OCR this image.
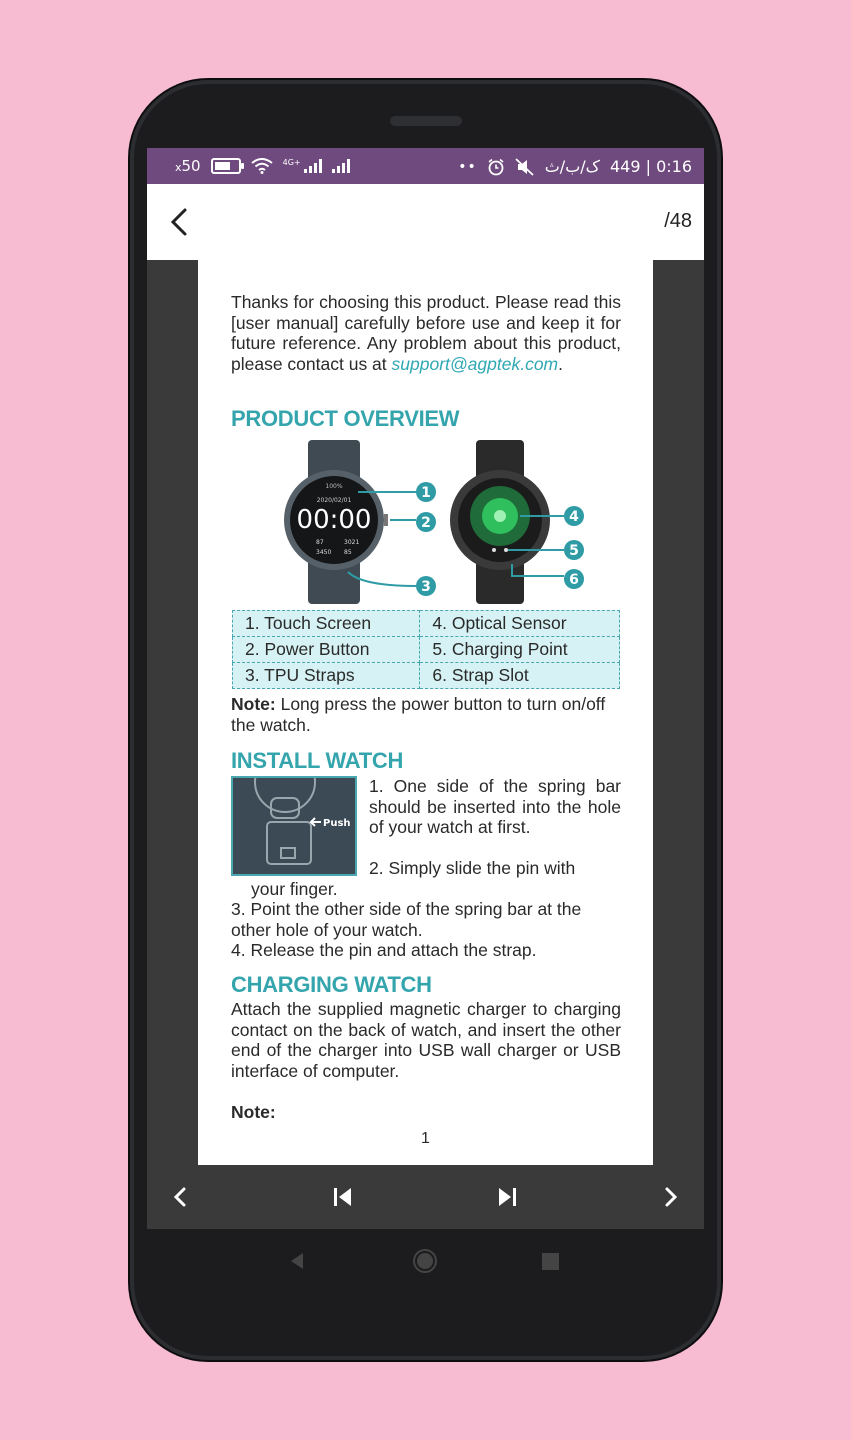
x50	4G+	••	ک/ب/ث 449 | 0:16
/48
Thanks for choosing this product. Please read this [user manual] carefully before use and keep it for future reference. Any problem about this product, please contact us at support@agptek.com.
PRODUCT OVERVIEW
100%
2020/02/01
00:00
87	3021
3450 85
1
2
3
4
5
6
1. Touch Screen	4. Optical Sensor
2. Power Button	5. Charging Point
3. TPU Straps	6. Strap Slot
Note: Long press the power button to turn on/off the watch.
INSTALL WATCH
Push
1. One side of the spring bar should be inserted into the hole of your watch at first.
2. Simply slide the pin with
your finger.
3. Point the other side of the spring bar at the other hole of your watch.
4. Release the pin and attach the strap.
CHARGING WATCH
Attach the supplied magnetic charger to charging contact on the back of watch, and insert the other end of the charger into USB wall charger or USB interface of computer.
Note:
1
